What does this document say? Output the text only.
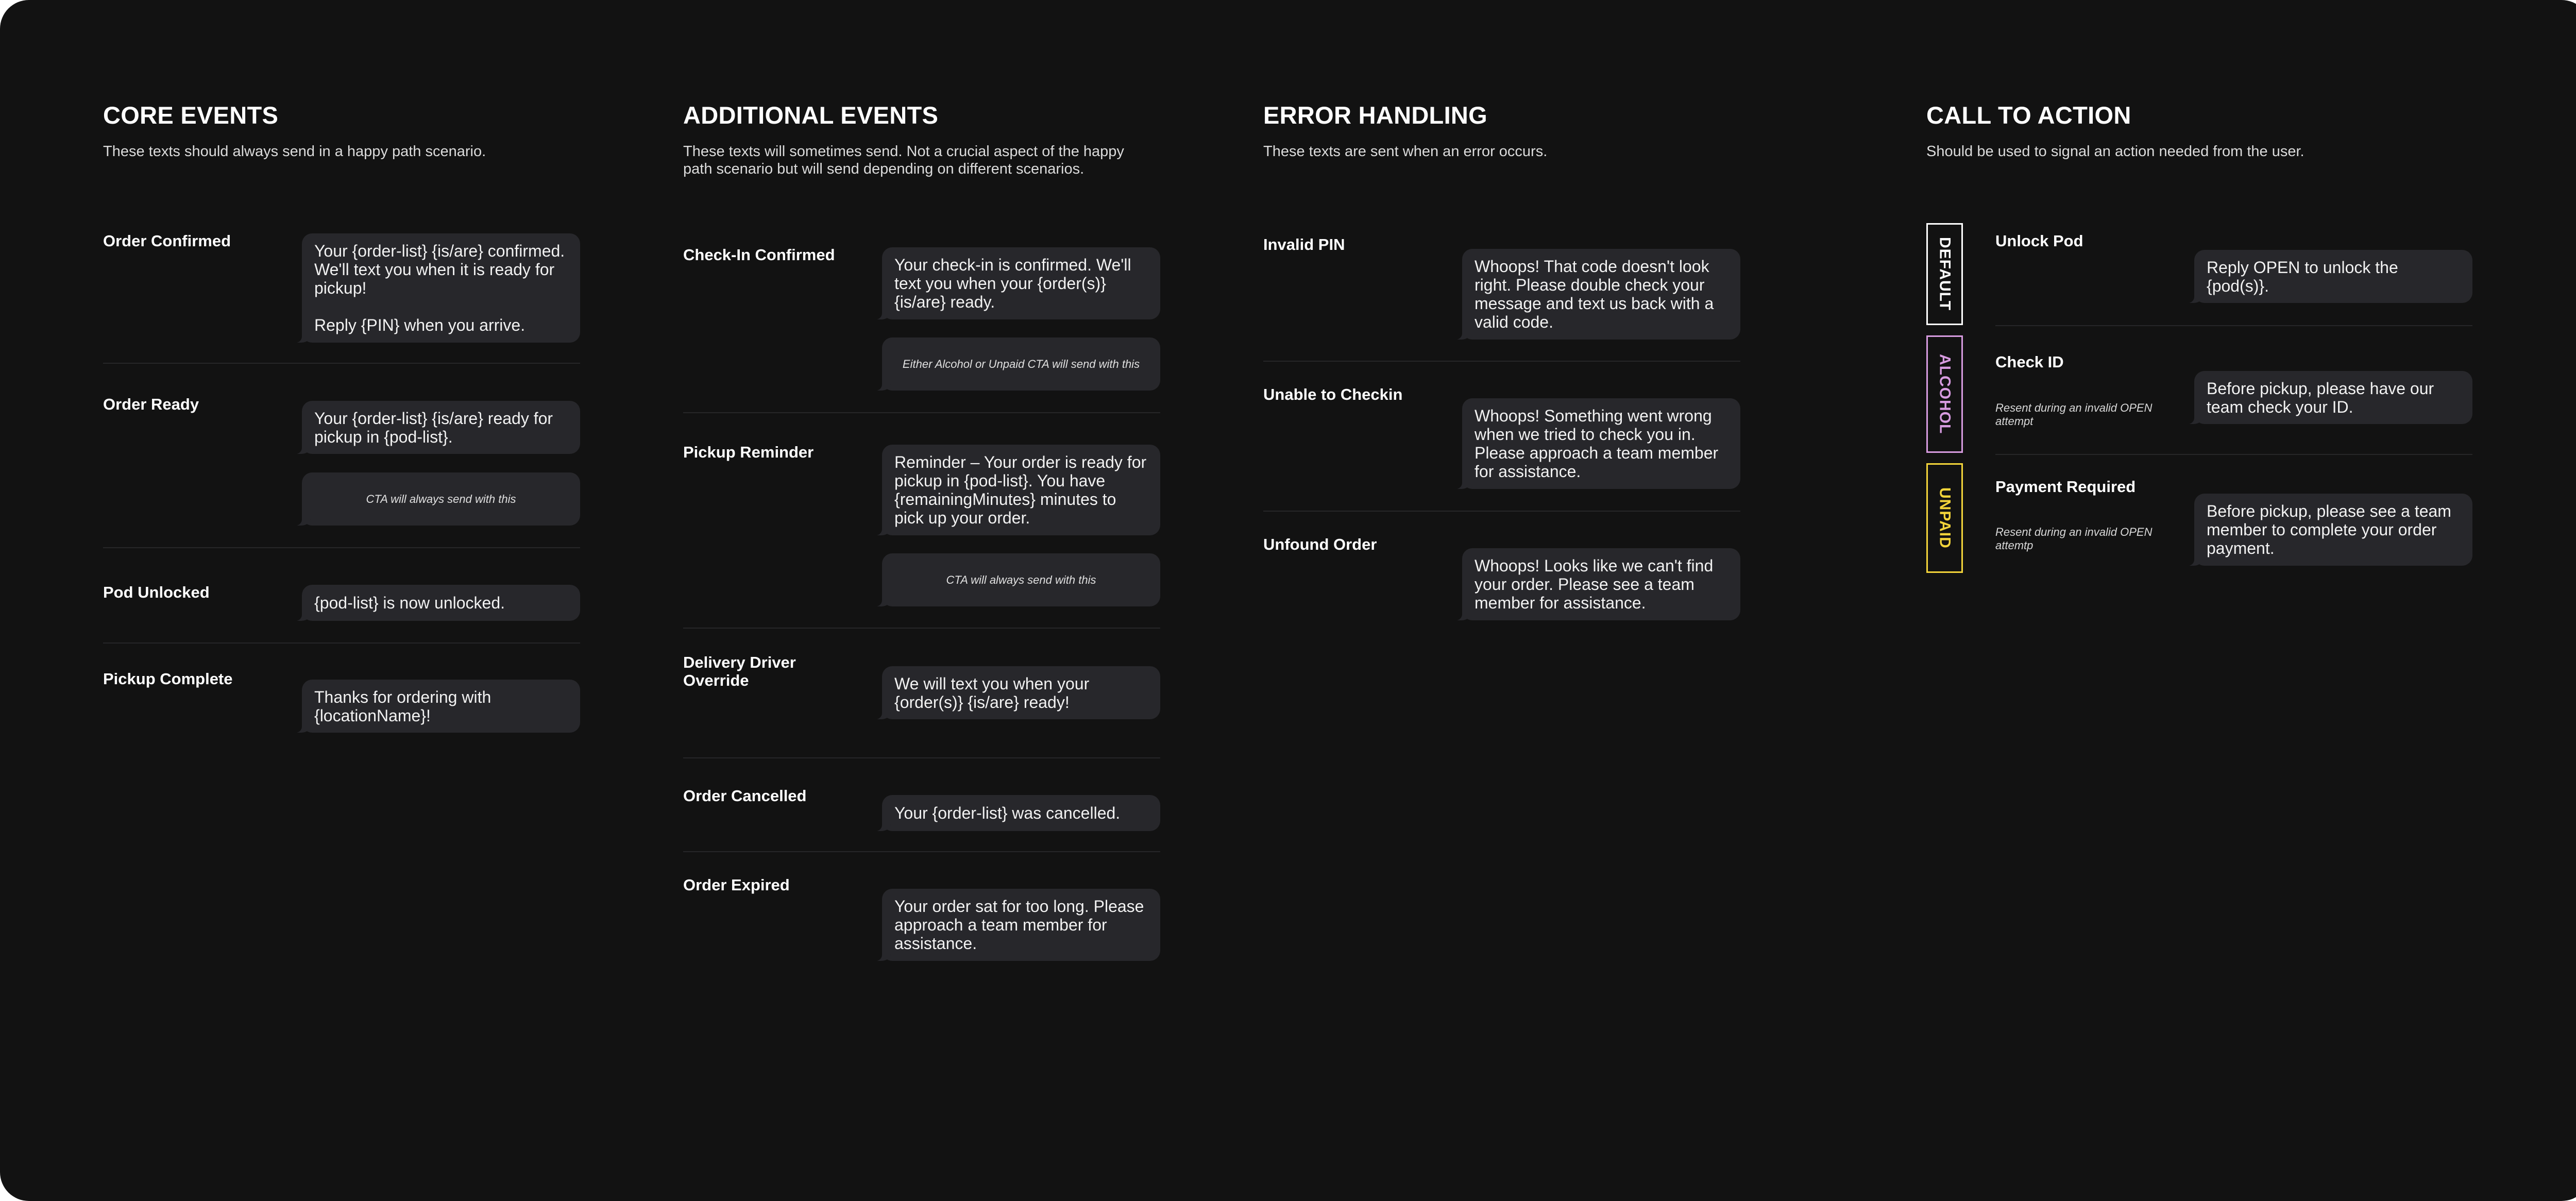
CORE EVENTS
These texts should always send in a happy path scenario.
Order Confirmed
Your {order-list} {is/are} confirmed. We'll text you when it is ready for pickup!

Reply {PIN} when you arrive.
Order Ready
Your {order-list} {is/are} ready for pickup in {pod-list}.
CTA will always send with this
Pod Unlocked
{pod-list} is now unlocked.
Pickup Complete
Thanks for ordering with {locationName}!
ADDITIONAL EVENTS
These texts will sometimes send. Not a crucial aspect of the happy path scenario but will send depending on different scenarios.
Check-In Confirmed
Your check-in is confirmed. We'll text you when your {order(s)} {is/are} ready.
Either Alcohol or Unpaid CTA will send with this
Pickup Reminder
Reminder – Your order is ready for pickup in {pod-list}. You have {remainingMinutes} minutes to pick up your order.
CTA will always send with this
Delivery Driver Override	We will text you when your {order(s)} {is/are} ready!
Order Cancelled
Your {order-list} was cancelled.
Order Expired
Your order sat for too long. Please approach a team member for assistance.
ERROR HANDLING
These texts are sent when an error occurs.
Invalid PIN
Whoops! That code doesn't look right. Please double check your message and text us back with a valid code.
Unable to Checkin
Whoops! Something went wrong when we tried to check you in. Please approach a team member for assistance.
Unfound Order
Whoops! Looks like we can't find your order. Please see a team member for assistance.
CALL TO ACTION
Should be used to signal an action needed from the user.
DEFAULT
ALCOHOL
UNPAID
Unlock Pod
Reply OPEN to unlock the {pod(s)}.
Check ID
Resent during an invalid OPEN attempt
Before pickup, please have our team check your ID.
Payment Required
Resent during an invalid OPEN attemtp
Before pickup, please see a team member to complete your order payment.
